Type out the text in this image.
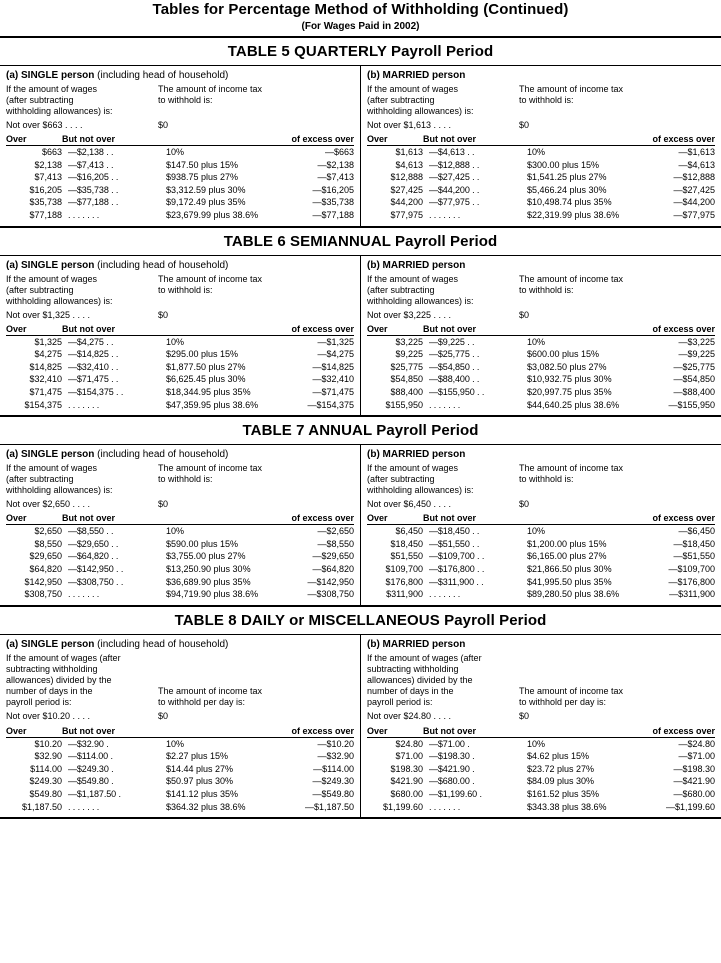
Tables for Percentage Method of Withholding (Continued)
(For Wages Paid in 2002)
TABLE 5 QUARTERLY Payroll Period
(a) SINGLE person (including head of household)
If the amount of wages
(after subtracting
withholding allowances) is:
The amount of income tax
to withhold is:
Not over $663 . . . .	$0
Over	But not over	of excess over
$663 —$2,138 . .	10%	—$663
$2,138 —$7,413 . .	$147.50 plus 15%	—$2,138
$7,413 —$16,205 . .	$938.75 plus 27%	—$7,413
$16,205 —$35,738 . .	$3,312.59 plus 30%	—$16,205
$35,738 —$77,188 . .	$9,172.49 plus 35%	—$35,738
$77,188 . . . . . . .	$23,679.99 plus 38.6%	—$77,188
(b) MARRIED person
If the amount of wages
(after subtracting
withholding allowances) is:
The amount of income tax
to withhold is:
Not over $1,613 . . . .	$0
Over	But not over	of excess over
$1,613 —$4,613 . .	10%	—$1,613
$4,613 —$12,888 . .	$300.00 plus 15%	—$4,613
$12,888 —$27,425 . .	$1,541.25 plus 27%	—$12,888
$27,425 —$44,200 . .	$5,466.24 plus 30%	—$27,425
$44,200 —$77,975 . .	$10,498.74 plus 35%	—$44,200
$77,975 . . . . . . .	$22,319.99 plus 38.6%	—$77,975
TABLE 6 SEMIANNUAL Payroll Period
(a) SINGLE person (including head of household)
If the amount of wages
(after subtracting
withholding allowances) is:
The amount of income tax
to withhold is:
Not over $1,325 . . . .	$0
Over	But not over	of excess over
$1,325 —$4,275 . .	10%	—$1,325
$4,275 —$14,825 . .	$295.00 plus 15%	—$4,275
$14,825 —$32,410 . .	$1,877.50 plus 27%	—$14,825
$32,410 —$71,475 . .	$6,625.45 plus 30%	—$32,410
$71,475 —$154,375 . .	$18,344.95 plus 35%	—$71,475
$154,375 . . . . . . .	$47,359.95 plus 38.6%	—$154,375
(b) MARRIED person
If the amount of wages
(after subtracting
withholding allowances) is:
The amount of income tax
to withhold is:
Not over $3,225 . . . .	$0
Over	But not over	of excess over
$3,225 —$9,225 . .	10%	—$3,225
$9,225 —$25,775 . .	$600.00 plus 15%	—$9,225
$25,775 —$54,850 . .	$3,082.50 plus 27%	—$25,775
$54,850 —$88,400 . .	$10,932.75 plus 30%	—$54,850
$88,400 —$155,950 . .	$20,997.75 plus 35%	—$88,400
$155,950 . . . . . . .	$44,640.25 plus 38.6%	—$155,950
TABLE 7 ANNUAL Payroll Period
(a) SINGLE person (including head of household)
If the amount of wages
(after subtracting
withholding allowances) is:
The amount of income tax
to withhold is:
Not over $2,650 . . . .	$0
Over	But not over	of excess over
$2,650 —$8,550 . .	10%	—$2,650
$8,550 —$29,650 . .	$590.00 plus 15%	—$8,550
$29,650 —$64,820 . .	$3,755.00 plus 27%	—$29,650
$64,820 —$142,950 . .	$13,250.90 plus 30%	—$64,820
$142,950 —$308,750 . .	$36,689.90 plus 35%	—$142,950
$308,750 . . . . . . .	$94,719.90 plus 38.6%	—$308,750
(b) MARRIED person
If the amount of wages
(after subtracting
withholding allowances) is:
The amount of income tax
to withhold is:
Not over $6,450 . . . .	$0
Over	But not over	of excess over
$6,450 —$18,450 . .	10%	—$6,450
$18,450 —$51,550 . .	$1,200.00 plus 15%	—$18,450
$51,550 —$109,700 . .	$6,165.00 plus 27%	—$51,550
$109,700 —$176,800 . .	$21,866.50 plus 30%	—$109,700
$176,800 —$311,900 . .	$41,995.50 plus 35%	—$176,800
$311,900 . . . . . . .	$89,280.50 plus 38.6%	—$311,900
TABLE 8 DAILY or MISCELLANEOUS Payroll Period
(a) SINGLE person (including head of household)
If the amount of wages (after
subtracting withholding
allowances) divided by the
number of days in the
payroll period is:

The amount of income tax
to withhold per day is:
Not over $10.20 . . . .	$0
Over	But not over	of excess over
$10.20 —$32.90 .	10%	—$10.20
$32.90 —$114.00 .	$2.27 plus 15%	—$32.90
$114.00 —$249.30 .	$14.44 plus 27%	—$114.00
$249.30 —$549.80 .	$50.97 plus 30%	—$249.30
$549.80 —$1,187.50 .	$141.12 plus 35%	—$549.80
$1,187.50 . . . . . . .	$364.32 plus 38.6%	—$1,187.50
(b) MARRIED person
If the amount of wages (after
subtracting withholding
allowances) divided by the
number of days in the
payroll period is:

The amount of income tax
to withhold per day is:
Not over $24.80 . . . .	$0
Over	But not over	of excess over
$24.80 —$71.00 .	10%	—$24.80
$71.00 —$198.30 .	$4.62 plus 15%	—$71.00
$198.30 —$421.90 .	$23.72 plus 27%	—$198.30
$421.90 —$680.00 .	$84.09 plus 30%	—$421.90
$680.00 —$1,199.60 .	$161.52 plus 35%	—$680.00
$1,199.60 . . . . . . .	$343.38 plus 38.6%	—$1,199.60
